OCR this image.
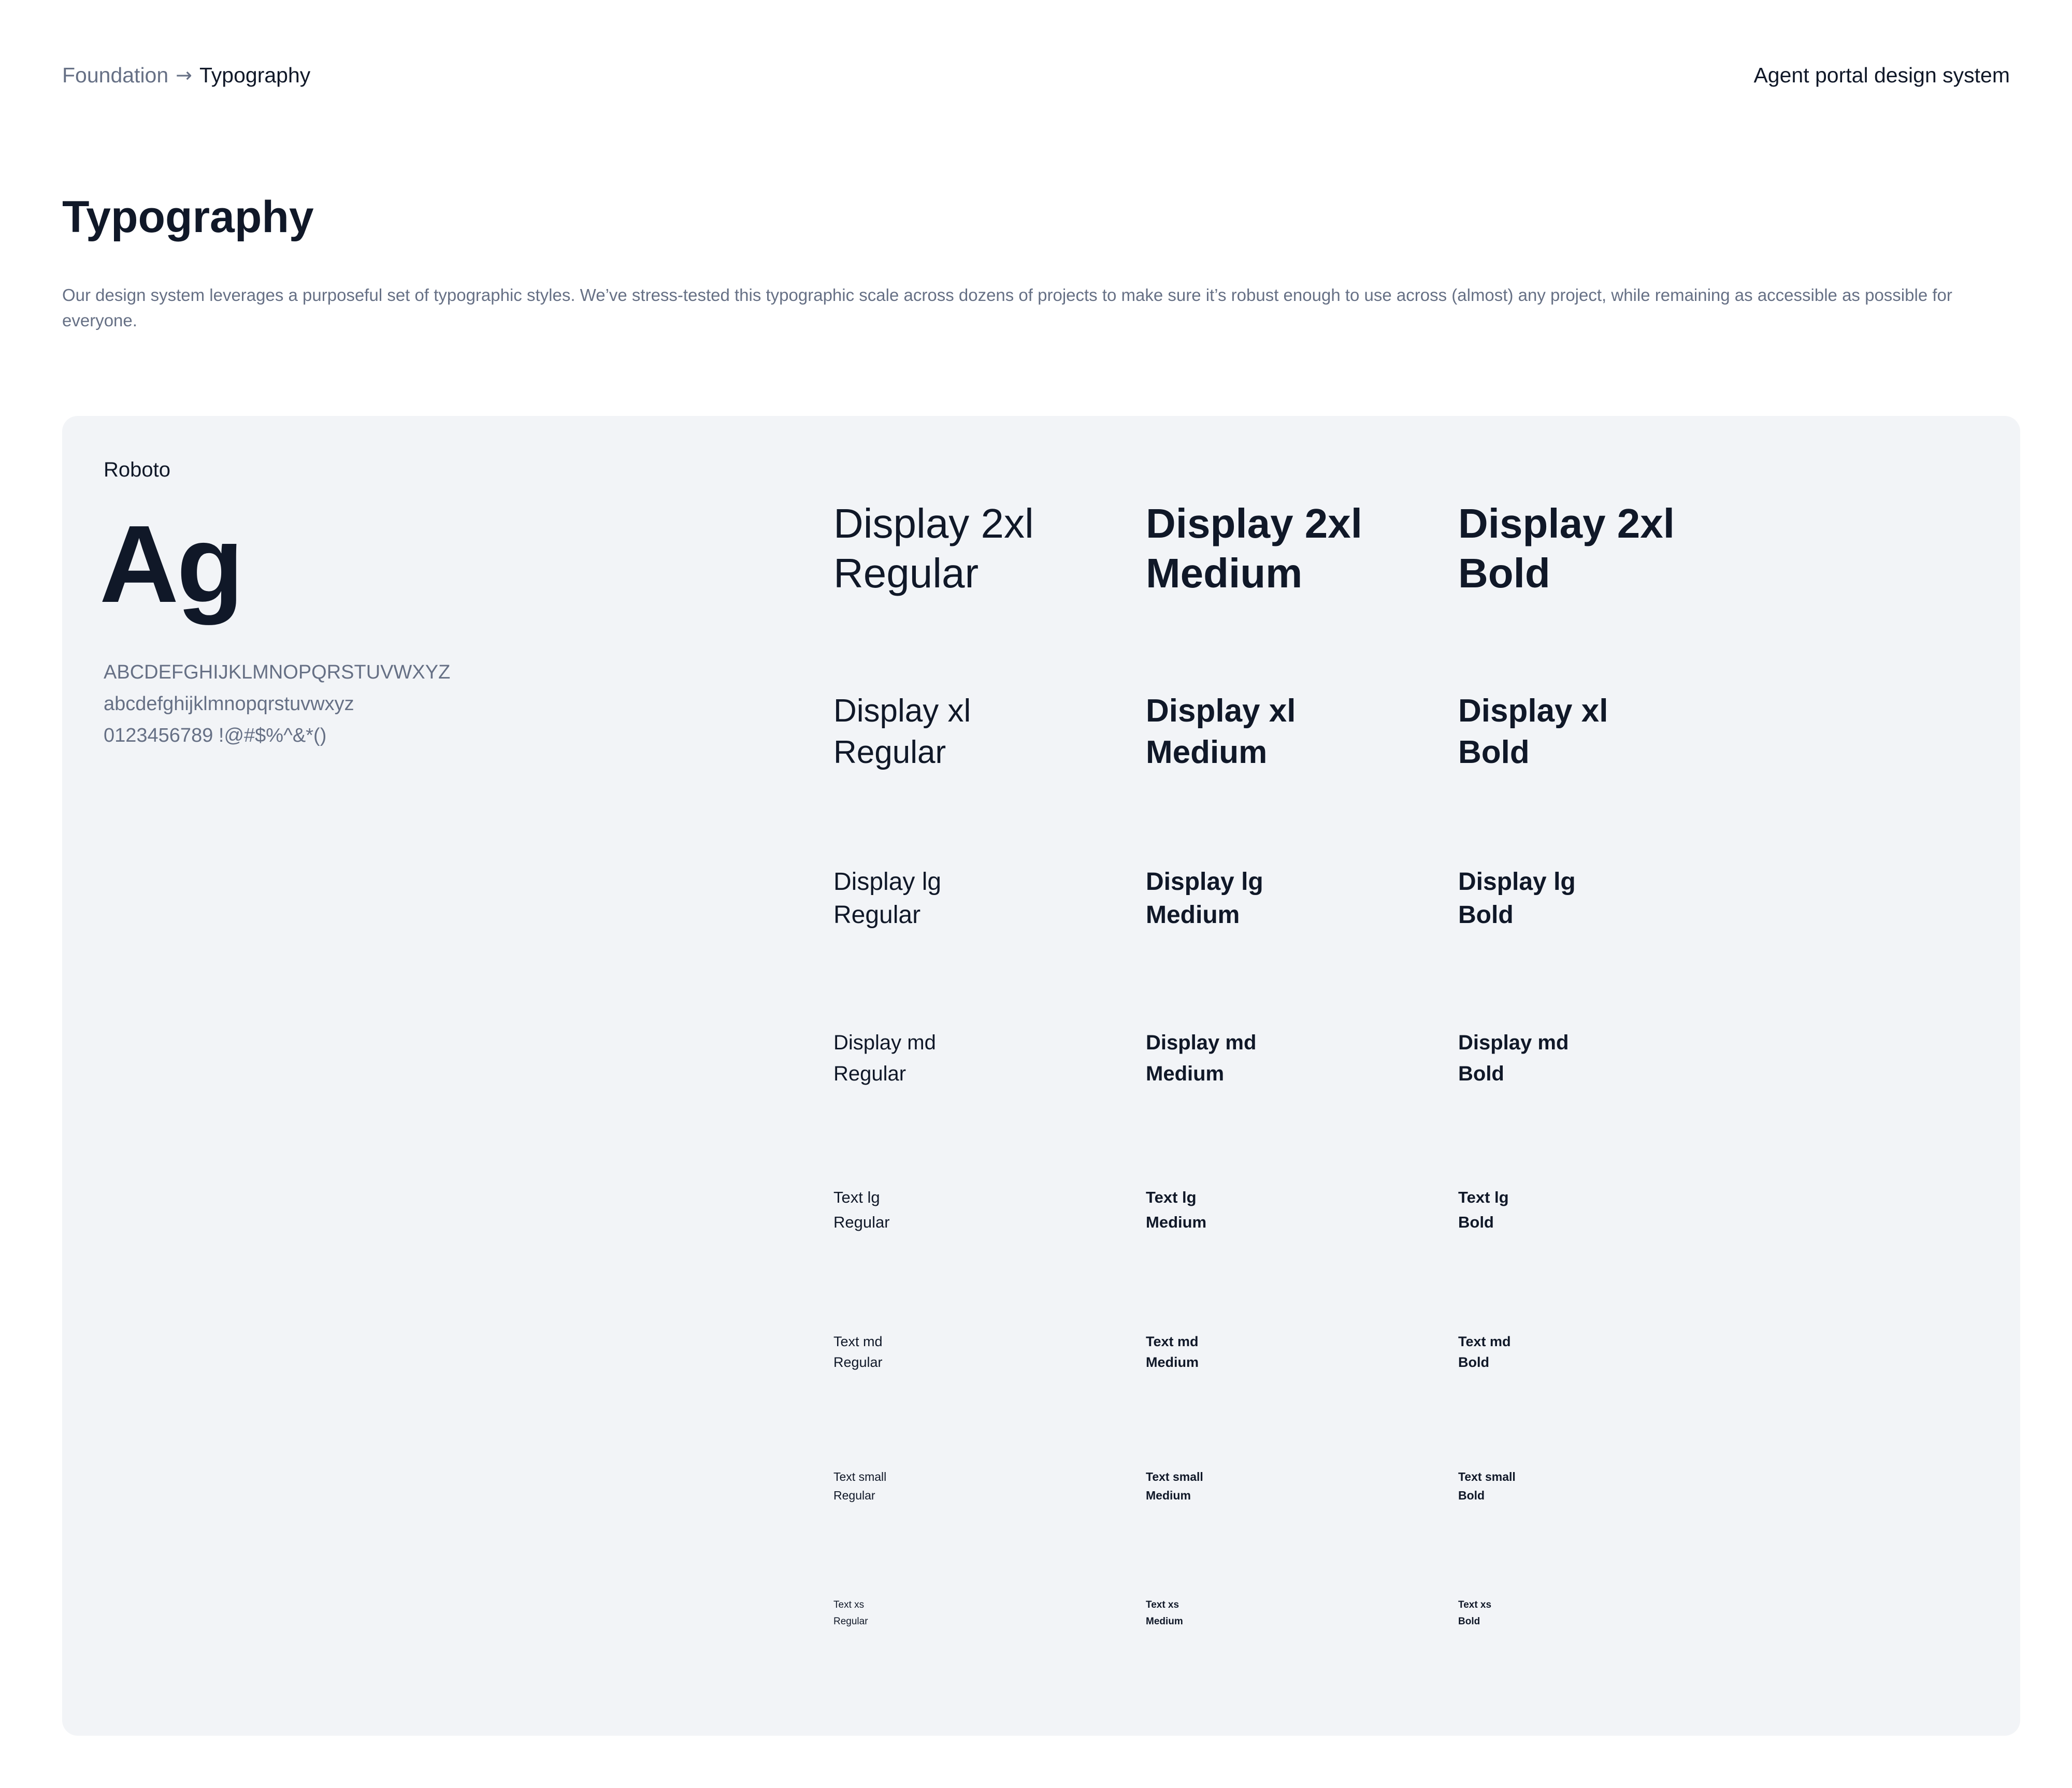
Foundation → Typography	Agent portal design system
Typography

Our design system leverages a purposeful set of typographic styles. We’ve stress-tested this typographic scale across dozens of projects to make sure it’s robust enough to use across (almost) any project, while remaining as accessible as possible for everyone.

Roboto
Ag
ABCDEFGHIJKLMNOPQRSTUVWXYZ
abcdefghijklmnopqrstuvwxyz
0123456789 !@#$%^&*()
Display 2xl
Regular
Display 2xl
Medium
Display 2xl
Bold
Display xl
Regular
Display xl
Medium
Display xl
Bold
Display lg
Regular
Display lg
Medium
Display lg
Bold
Display md
Regular
Display md
Medium
Display md
Bold
Text lg
Regular
Text lg
Medium
Text lg
Bold
Text md
Regular
Text md
Medium
Text md
Bold
Text small
Regular
Text small
Medium
Text small
Bold
Text xs
Regular
Text xs
Medium
Text xs
Bold
